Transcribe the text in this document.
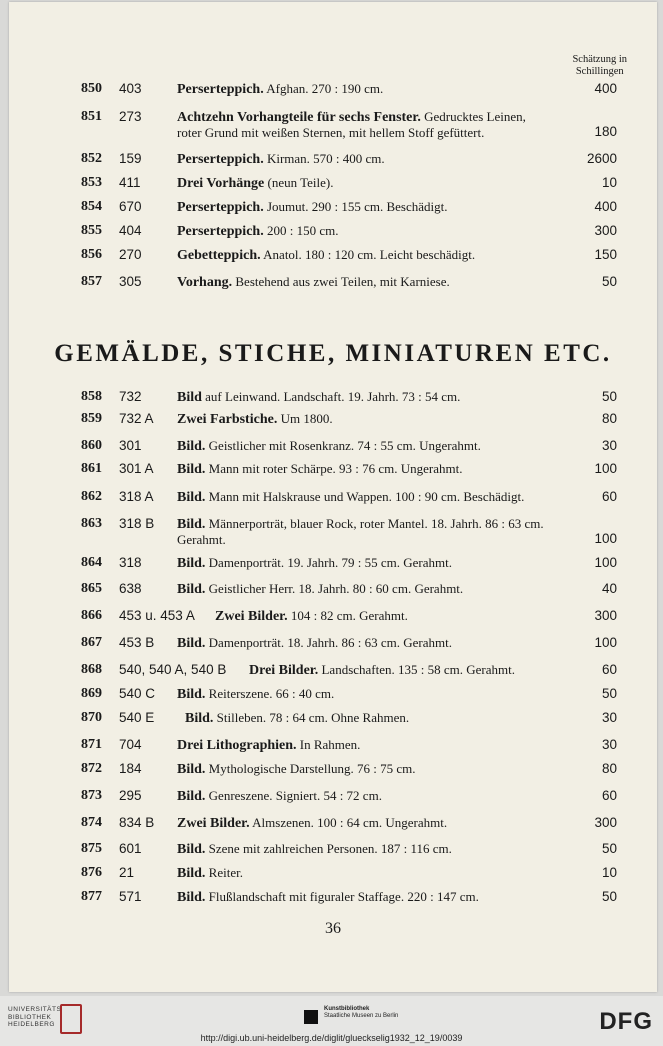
Schätzung in
Schillingen
850 403	Perserteppich. Afghan. 270 : 190 cm.	400
851 273	Achtzehn Vorhangteile für sechs Fenster. Gedrucktes Leinen,
roter Grund mit weißen Sternen, mit hellem Stoff gefüttert.	180
852 159	Perserteppich. Kirman. 570 : 400 cm.	2600
853 411	Drei Vorhänge (neun Teile).	10
854 670	Perserteppich. Joumut. 290 : 155 cm. Beschädigt.	400
855 404	Perserteppich. 200 : 150 cm.	300
856 270	Gebetteppich. Anatol. 180 : 120 cm. Leicht beschädigt.	150
857 305	Vorhang. Bestehend aus zwei Teilen, mit Karniese.	50
GEMÄLDE, STICHE, MINIATUREN ETC.
858 732	Bild auf Leinwand. Landschaft. 19. Jahrh. 73 : 54 cm.	50
859 732 A Zwei Farbstiche. Um 1800.	80
860 301	Bild. Geistlicher mit Rosenkranz. 74 : 55 cm. Ungerahmt.	30
861 301 A Bild. Mann mit roter Schärpe. 93 : 76 cm. Ungerahmt.	100
862 318 A Bild. Mann mit Halskrause und Wappen. 100 : 90 cm. Beschädigt.	60
863 318 B Bild. Männerporträt, blauer Rock, roter Mantel. 18. Jahrh. 86 : 63 cm.
Gerahmt.	100
864 318	Bild. Damenporträt. 19. Jahrh. 79 : 55 cm. Gerahmt.	100
865 638	Bild. Geistlicher Herr. 18. Jahrh. 80 : 60 cm. Gerahmt.	40
866 453 u. 453 A Zwei Bilder. 104 : 82 cm. Gerahmt.	300
867 453 B Bild. Damenporträt. 18. Jahrh. 86 : 63 cm. Gerahmt.	100
868 540, 540 A, 540 B Drei Bilder. Landschaften. 135 : 58 cm. Gerahmt.	60
869 540 C Bild. Reiterszene. 66 : 40 cm.	50
870 540 E Bild. Stilleben. 78 : 64 cm. Ohne Rahmen.	30
871 704	Drei Lithographien. In Rahmen.	30
872 184	Bild. Mythologische Darstellung. 76 : 75 cm.	80
873 295	Bild. Genreszene. Signiert. 54 : 72 cm.	60
874 834 B Zwei Bilder. Almszenen. 100 : 64 cm. Ungerahmt.	300
875 601	Bild. Szene mit zahlreichen Personen. 187 : 116 cm.	50
876 21	Bild. Reiter.	10
877 571	Bild. Flußlandschaft mit figuraler Staffage. 220 : 147 cm.	50
36
UNIVERSITÄTS
BIBLIOTHEK
HEIDELBERG
Kunstbibliothek
Staatliche Museen zu Berlin	DFG
http://digi.ub.uni-heidelberg.de/diglit/glueckselig1932_12_19/0039
